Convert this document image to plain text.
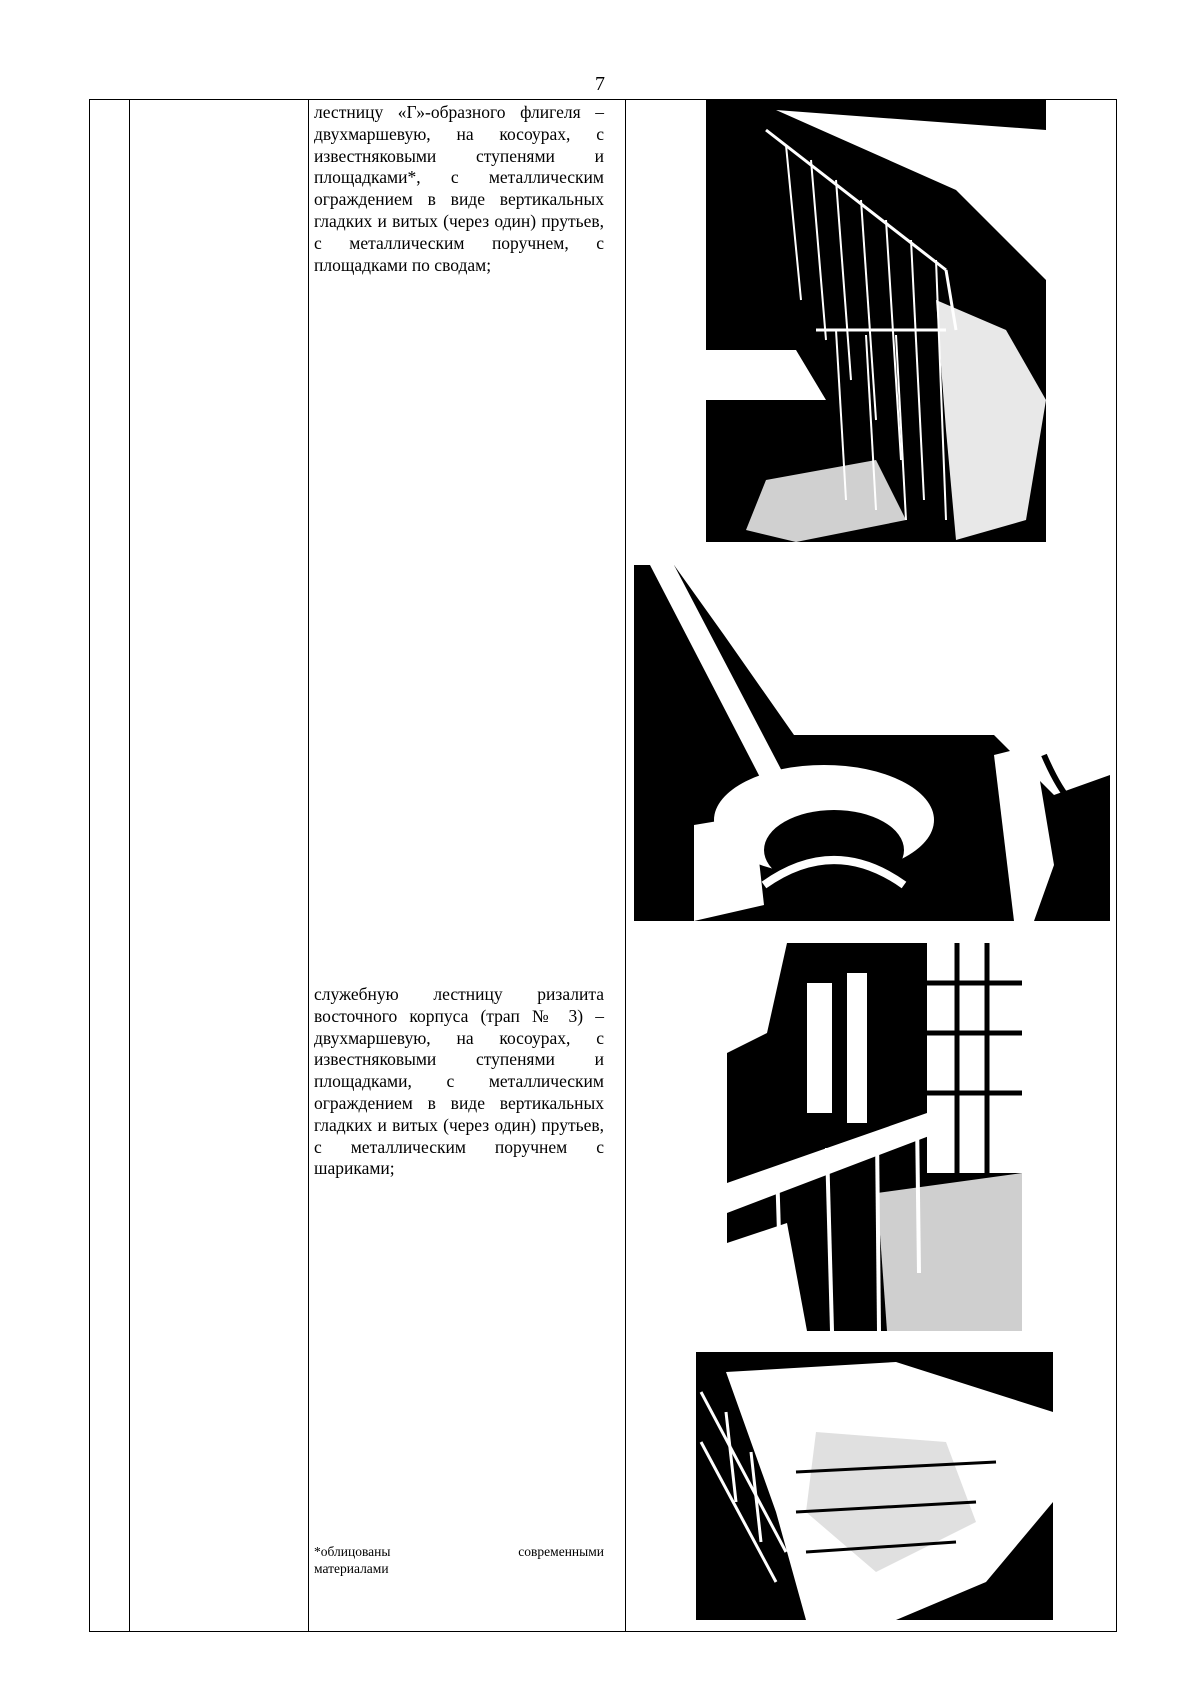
7

лестницу «Г»-образного флигеля – двухмаршевую, на косоурах, с известняковыми ступенями и площадками*, с металлическим ограждением в виде вертикальных гладких и витых (через один) прутьев, с металлическим поручнем, с площадками по сводам;

служебную лестницу ризалита восточного корпуса (трап № 3) – двухмаршевую, на косоурах, с известняковыми ступенями и площадками, с металлическим ограждением в виде вертикальных гладких и витых (через один) прутьев, с металлическим поручнем с шариками;

*облицованы современными
материалами
